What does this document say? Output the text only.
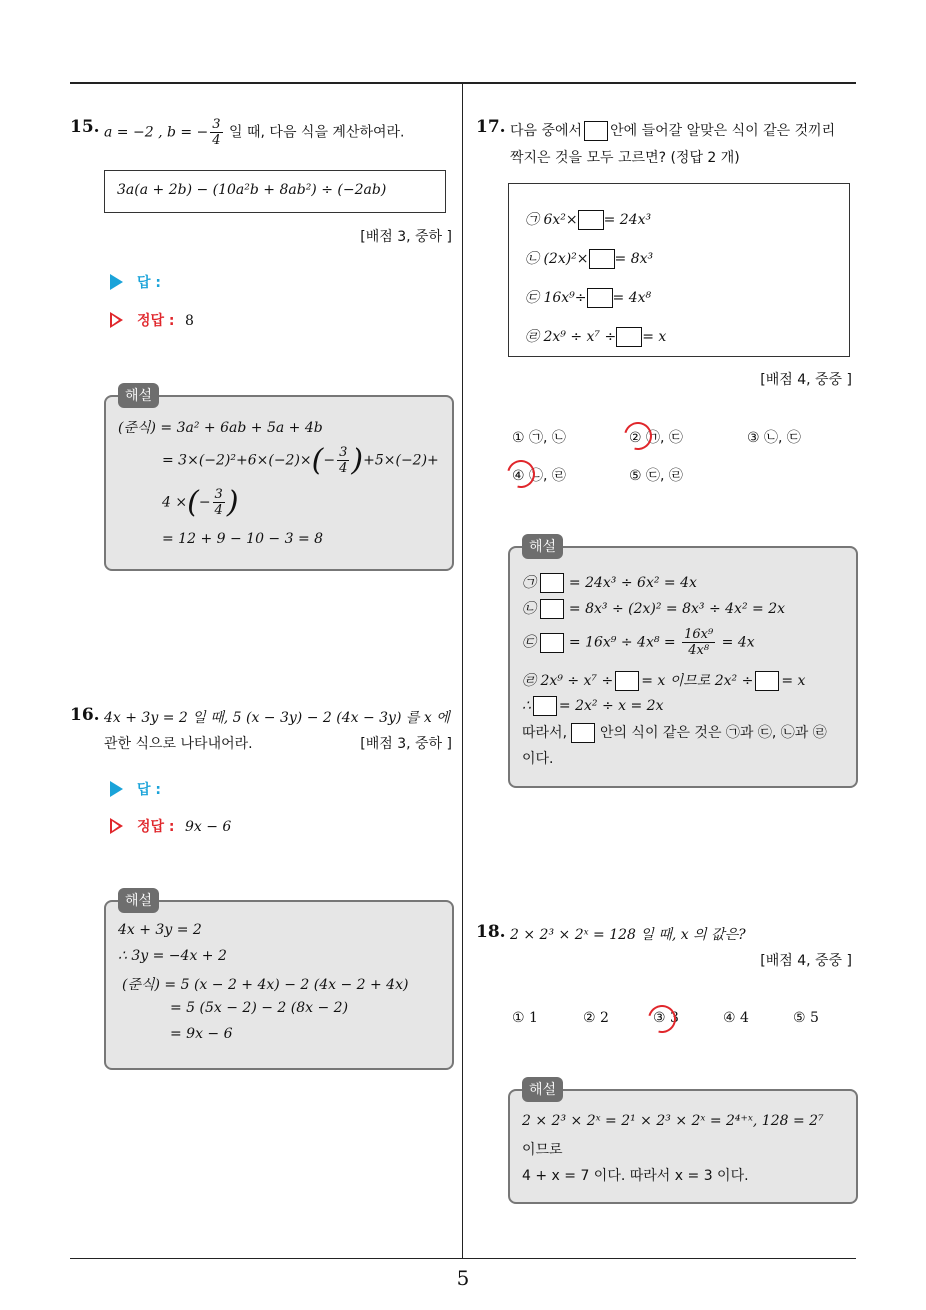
5
15. a = −2 , b = − $\frac{3}{4}$ 일 때, 다음 식을 계산하여라.
3a(a + 2b) − (10a²b + 8ab²) ÷ (−2ab)
[배점 3, 중하 ]
답 :
정답 : 8
(준식) = 3a² + 6ab + 5a + 4b
= $3\times(-2)^2+6\times(-2)\times(- \frac{3}{4} )+5\times(-2)+$
4 ×(− $\frac{3}{4}$ )
= 12 + 9 − 10 − 3 = 8
해설
16. 4x + 3y = 2 일 때, 5 (x − 3y) − 2 (4x − 3y) 를 x 에
관한 식으로 나타내어라.	[배점 3, 중하 ]
답 :
정답 : 9x − 6
4x + 3y = 2
∴ 3y = −4x + 2
(준식) = 5 (x − 2 + 4x) − 2 (4x − 2 + 4x)
= 5 (5x − 2) − 2 (8x − 2)
= 9x − 6
해설
17. 다음 중에서 안에 들어갈 알맞은 식이 같은 것끼리
짝지은 것을 모두 고르면? (정답 2 개)
㉠ 6x²× = 24x³
㉡ (2x)²× = 8x³
㉢ 16x⁹÷ = 4x⁸
㉣ 2x⁹ ÷ x⁷ ÷ = x
[배점 4, 중중 ]
① ㉠, ㉡	② ㉠, ㉢	③ ㉡, ㉢
④ ㉡, ㉣	⑤ ㉢, ㉣
㉠ = 24x³ ÷ 6x² = 4x
㉡ = 8x³ ÷ (2x)² = 8x³ ÷ 4x² = 2x
㉢ = $16x^9 \div 4x^8 = \frac{\text{16x⁹}}{\text{4x⁸}} = 4x$
㉣ 2x⁹ ÷ x⁷ ÷ = x 이므로 2x² ÷ = x
∴ = 2x² ÷ x = 2x
따라서, 안의 식이 같은 것은 ㉠과 ㉢, ㉡과 ㉣
이다.
해설
18. 2 × 2³ × 2ˣ = 128 일 때, x 의 값은?
[배점 4, 중중 ]
① 1	② 2	③ 3	④ 4	⑤ 5
2 × 2³ × 2ˣ = 2¹ × 2³ × 2ˣ = 2⁴⁺ˣ, 128 = 2⁷
이므로
4 + x = 7 이다. 따라서 x = 3 이다.
해설
